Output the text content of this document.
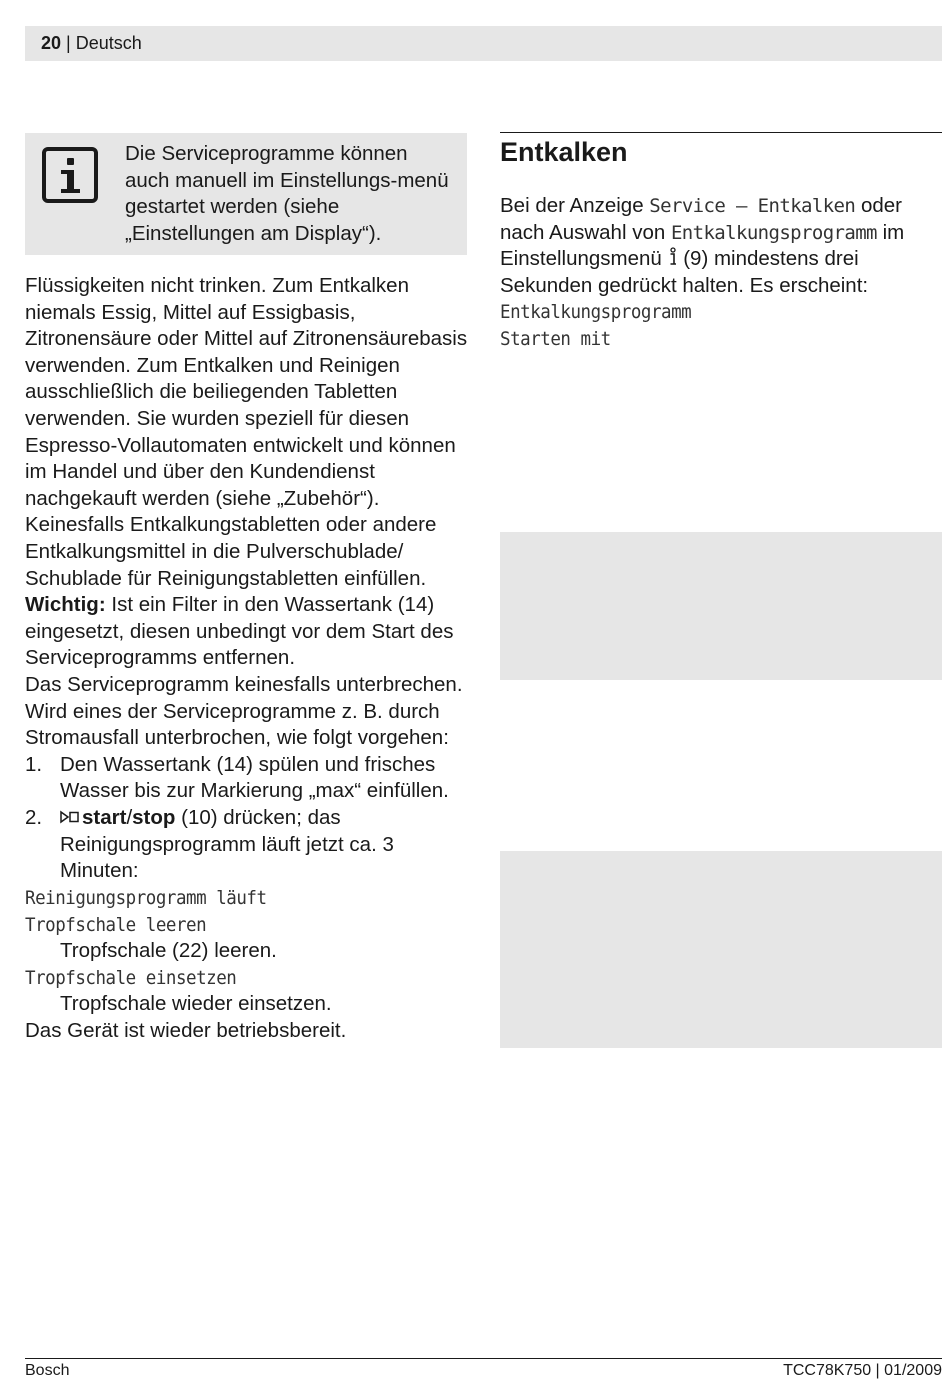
20 | Deutsch
Die Serviceprogramme können auch manuell im Einstellungs-menü gestartet werden (siehe „Einstellungen am Display“).

Flüssigkeiten nicht trinken. Zum Entkalken niemals Essig, Mittel auf Essigbasis, Zitronensäure oder Mittel auf Zitronensäurebasis verwenden. Zum Entkalken und Reinigen ausschließlich die beiliegenden Tabletten verwenden. Sie wurden speziell für diesen Espresso-Vollautomaten entwickelt und können im Handel und über den Kundendienst nachgekauft werden (siehe „Zubehör“).

Keinesfalls Entkalkungstabletten oder andere Entkalkungsmittel in die Pulverschublade/ Schublade für Reinigungstabletten einfüllen.

Wichtig: Ist ein Filter in den Wassertank (14) eingesetzt, diesen unbedingt vor dem Start des Serviceprogramms entfernen.

Das Serviceprogramm keinesfalls unterbrechen. Wird eines der Serviceprogramme z. B. durch Stromausfall unterbrochen, wie folgt vorgehen:

1. Den Wassertank (14) spülen und frisches Wasser bis zur Markierung „max“ einfüllen.
2.	start/stop (10) drücken; das Reinigungsprogramm läuft jetzt ca. 3 Minuten:
Reinigungsprogramm läuft
Tropfschale leeren

Tropfschale (22) leeren.

Tropfschale einsetzen

Tropfschale wieder einsetzen.

Das Gerät ist wieder betriebsbereit.

Entkalken

Bei der Anzeige Service – Entkalken oder nach Auswahl von Entkalkungsprogramm im Einstellungsmenü  (9) mindestens drei Sekunden gedrückt halten. Es erscheint:

Entkalkungsprogramm
Starten mit
Bosch	TCC78K750 | 01/2009
